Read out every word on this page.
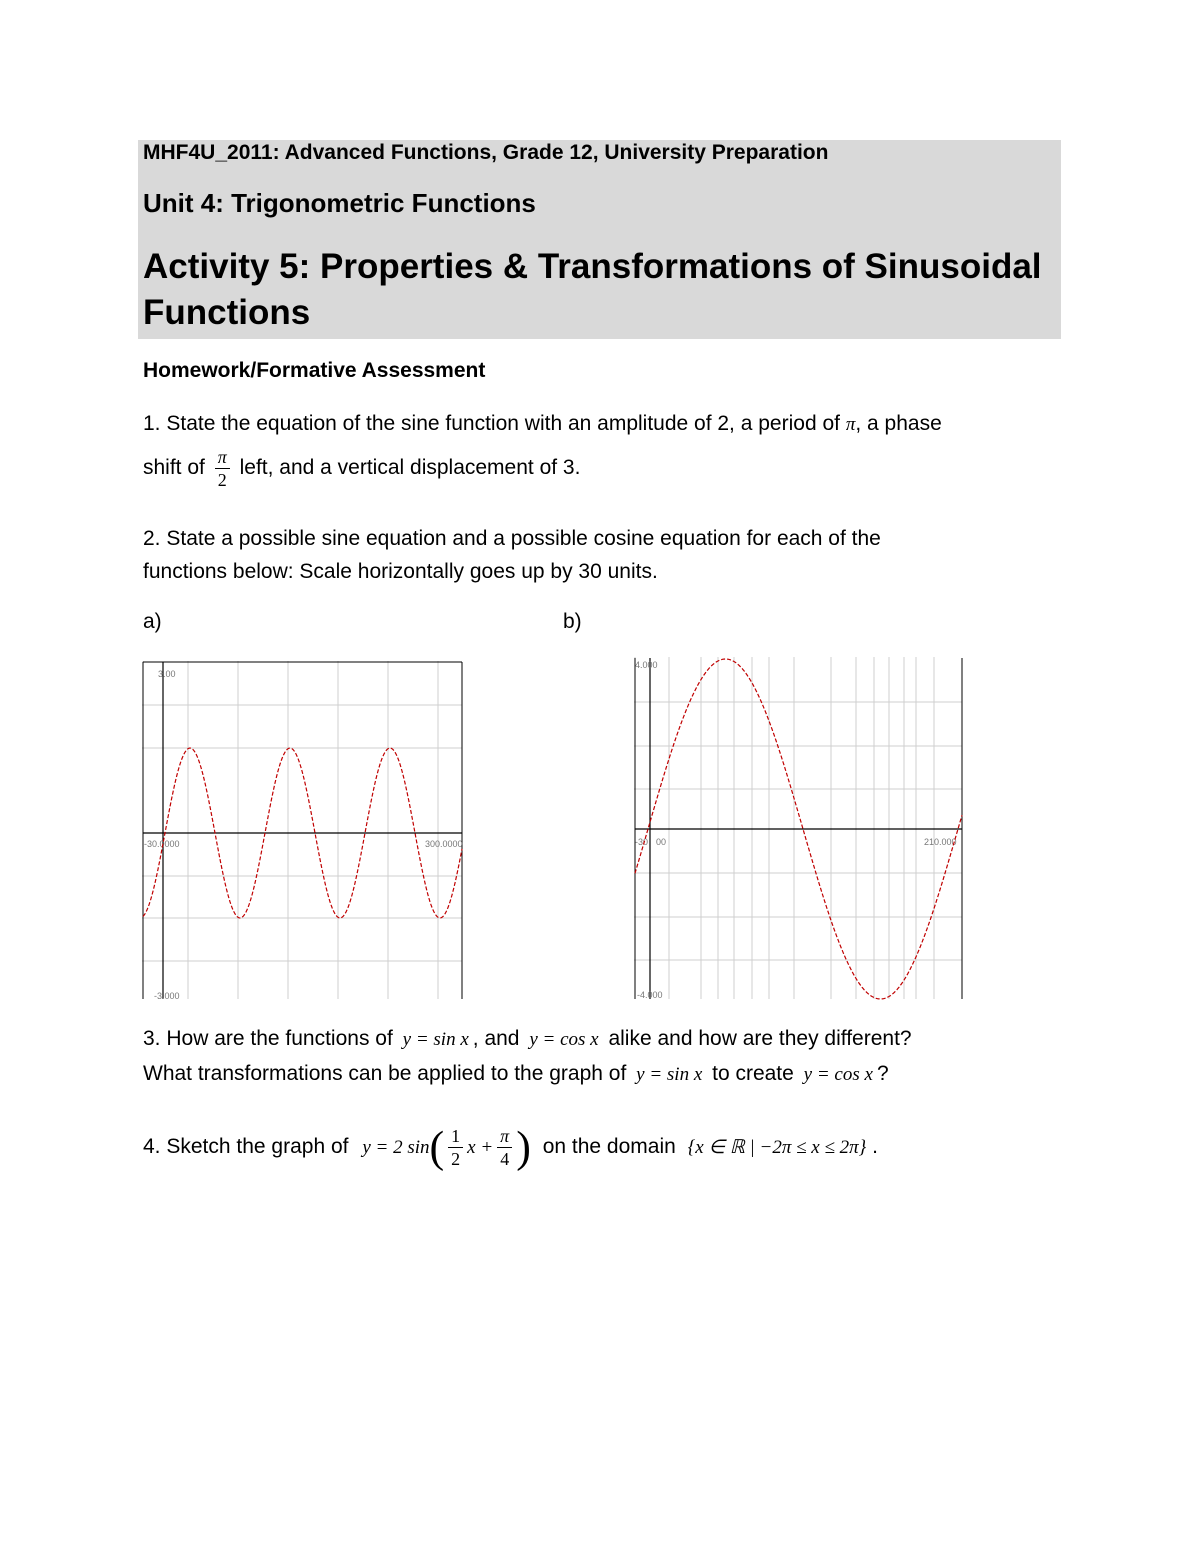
MHF4U_2011: Advanced Functions, Grade 12, University Preparation
Unit 4: Trigonometric Functions
Activity 5: Properties & Transformations of Sinusoidal Functions
Homework/Formative Assessment
1. State the equation of the sine function with an amplitude of 2, a period of π, a phase
shift of $\frac{\pi}{2}$ left, and a vertical displacement of 3.
2. State a possible sine equation and a possible cosine equation for each of the
functions below: Scale horizontally goes up by 30 units.
a)	b)
3.00
-30.0000	300.0000
-3.000
4.000
-30 00	210.000
-4.000
3. How are the functions of y = sin x , and y = cos x alike and how are they different?
What transformations can be applied to the graph of y = sin x to create y = cos x ?
4. Sketch the graph of y = 2 $\sin( \frac{1}{2}$ $x + \frac{\pi}{4}$ ) on the domain {x ∈ ℝ | −2π ≤ x ≤ 2π} .
